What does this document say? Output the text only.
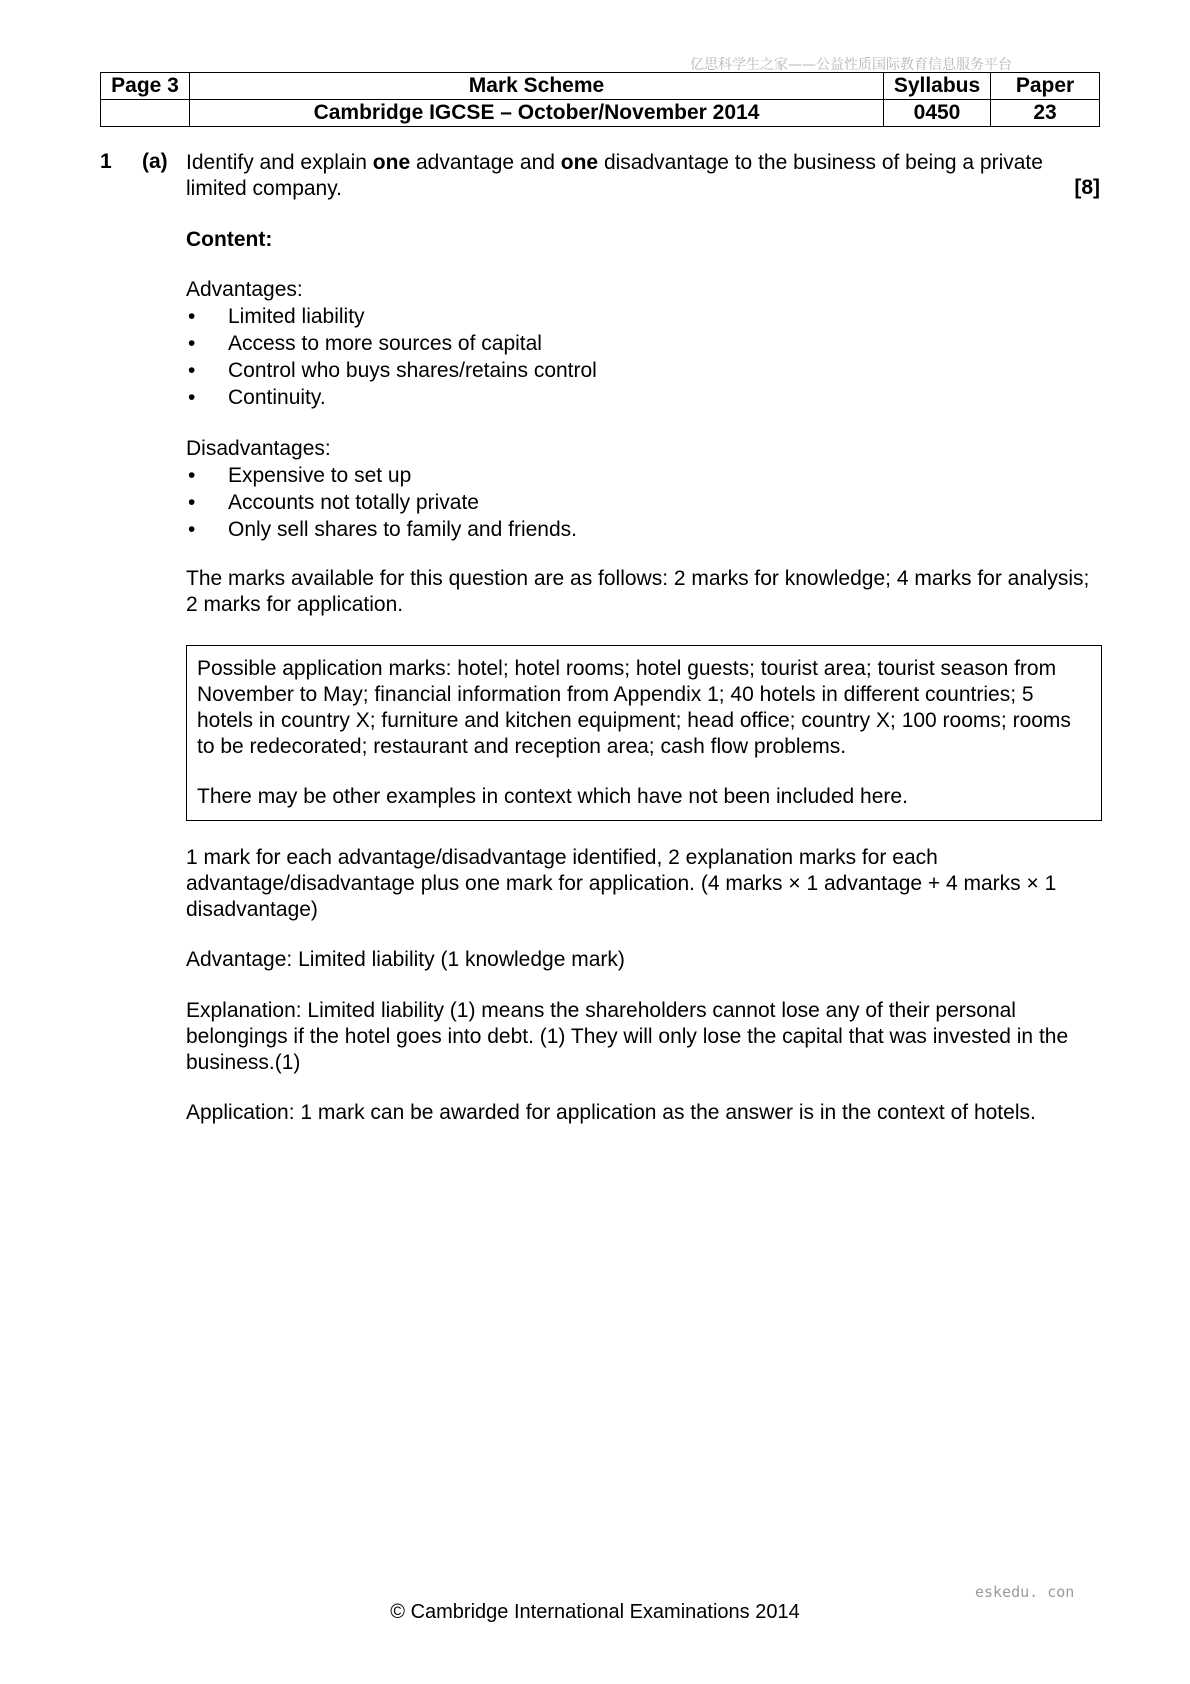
亿思科学生之家——公益性质国际教育信息服务平台
Page 3	Mark Scheme	Syllabus	Paper
	Cambridge IGCSE – October/November 2014	0450	23
1 (a) Identify and explain one advantage and one disadvantage to the business of being a private
limited company.	[8]
Content:
Advantages:
• Limited liability
• Access to more sources of capital
• Control who buys shares/retains control
• Continuity.
Disadvantages:
• Expensive to set up
• Accounts not totally private
• Only sell shares to family and friends.
The marks available for this question are as follows: 2 marks for knowledge; 4 marks for analysis; 2 marks for application.
Possible application marks: hotel; hotel rooms; hotel guests; tourist area; tourist season from November to May; financial information from Appendix 1; 40 hotels in different countries; 5 hotels in country X; furniture and kitchen equipment; head office; country X; 100 rooms; rooms to be redecorated; restaurant and reception area; cash flow problems.
There may be other examples in context which have not been included here.
1 mark for each advantage/disadvantage identified, 2 explanation marks for each advantage/disadvantage plus one mark for application. (4 marks × 1 advantage + 4 marks × 1 disadvantage)
Advantage: Limited liability (1 knowledge mark)
Explanation: Limited liability (1) means the shareholders cannot lose any of their personal belongings if the hotel goes into debt. (1) They will only lose the capital that was invested in the business.(1)
Application: 1 mark can be awarded for application as the answer is in the context of hotels.
eskedu. con
© Cambridge International Examinations 2014
